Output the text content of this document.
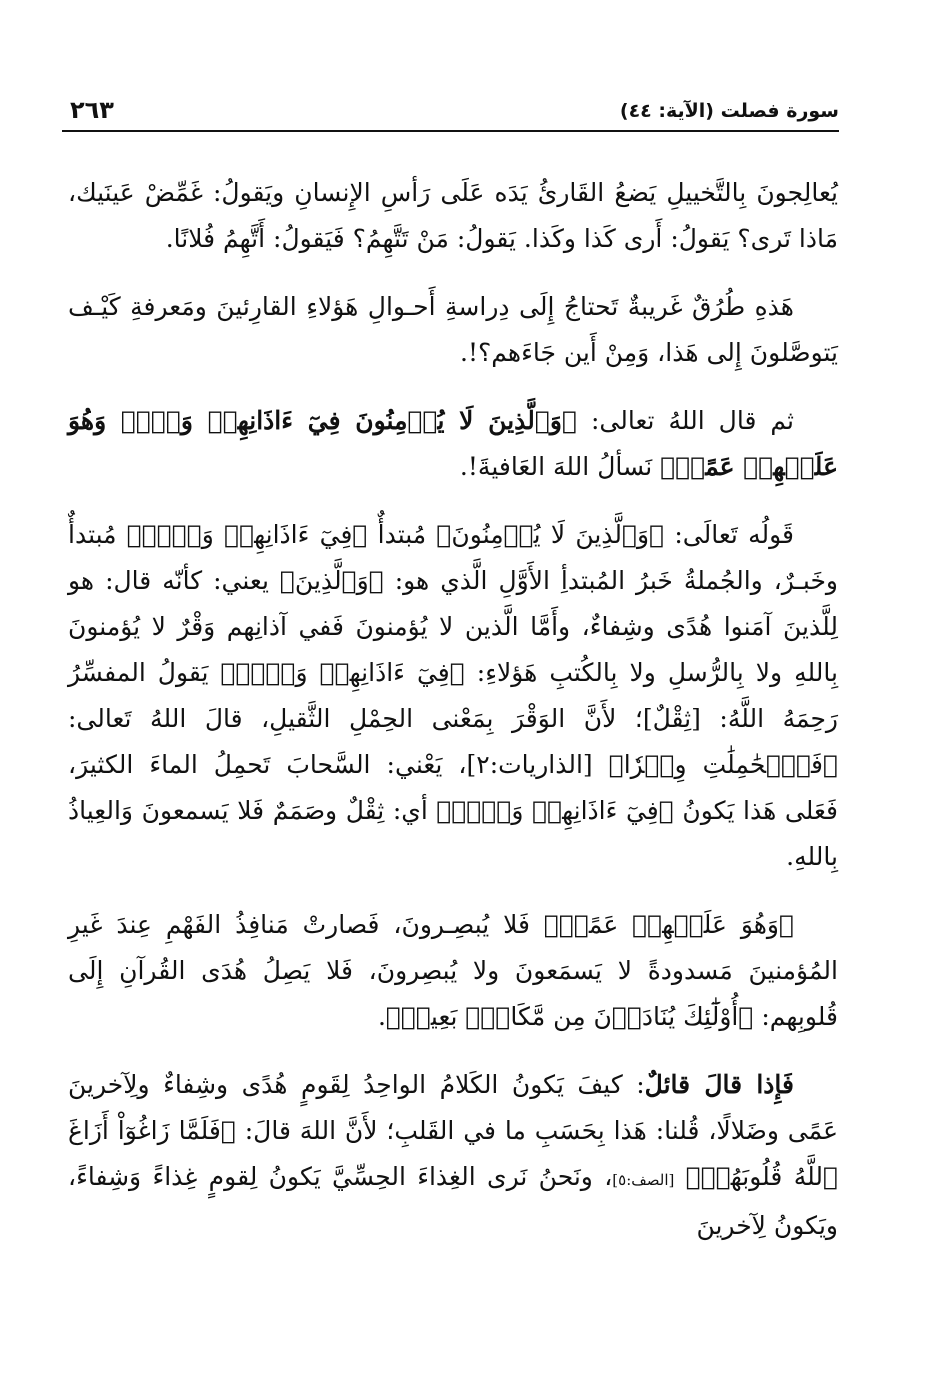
سورة فصلت (الآية: ٤٤)
٢٦٣

يُعالِجونَ بِالتَّخييلِ يَضعُ القَارئُ يَدَه عَلَى رَأسِ الإِنسانِ ويَقولُ: غَمِّضْ عَينَيك، مَاذا تَرى؟ يَقولُ: أَرى كَذا وكَذا. يَقولُ: مَنْ تَتَّهِمُ؟ فَيَقولُ: أَتَّهِمُ فُلانًا.

هَذهِ طُرُقٌ غَريبةٌ تَحتاجُ إِلَى دِراسةِ أَحـوالِ هَؤلاءِ القارِئينَ ومَعرفةِ كَيْـف يَتوصَّلونَ إِلى هَذا، وَمِنْ أَين جَاءَهم؟!.

ثم قال اللهُ تعالى: ﴿وَٱلَّذِينَ لَا يُؤۡمِنُونَ فِيٓ ءَاذَانِهِمۡ وَقۡرٞ وَهُوَ عَلَيۡهِمۡ عَمًىۚ﴾ نَسألُ اللهَ العَافيةَ!.

قَولُه تَعالَى: ﴿وَٱلَّذِينَ لَا يُؤۡمِنُونَ﴾ مُبتدأٌ ﴿فِيٓ ءَاذَانِهِمۡ وَقۡرٞ﴾ مُبتدأٌ وخَبـرٌ، والجُملةُ خَبرُ المُبتدأِ الأَوَّلِ الَّذي هو: ﴿وَٱلَّذِينَ﴾ يعني: كأنّه قال: هو لِلَّذينَ آمَنوا هُدًى وشِفاءٌ، وأَمَّا الَّذين لا يُؤمنونَ فَفي آذانِهم وَقْرٌ لا يُؤمنونَ بِاللهِ ولا بِالرُّسلِ ولا بِالكُتبِ هَؤلاءِ: ﴿فِيٓ ءَاذَانِهِمۡ وَقۡرٞ﴾ يَقولُ المفسِّرُ رَحِمَهُ اللَّهُ: [ثِقْلٌ]؛ لأَنَّ الوَقْرَ بِمَعْنى الحِمْلِ الثَّقيلِ، قالَ اللهُ تَعالى: ﴿فَٱلۡحَٰمِلَٰتِ وِقۡرٗا﴾ [الذاريات:٢]، يَعْني: السَّحابَ تَحمِلُ الماءَ الكثيرَ، فَعَلى هَذا يَكونُ ﴿فِيٓ ءَاذَانِهِمۡ وَقۡرٞ﴾ أي: ثِقْلٌ وصَمَمٌ فَلا يَسمعونَ وَالعِياذُ بِاللهِ.

﴿وَهُوَ عَلَيۡهِمۡ عَمًىۚ﴾ فَلا يُبصِـرونَ، فَصارتْ مَنافِذُ الفَهْمِ عِندَ غَيرِ المُؤمنينَ مَسدودةً لا يَسمَعونَ ولا يُبصِرونَ، فَلا يَصِلُ هُدَى القُرآنِ إِلَى قُلوبِهم: ﴿أُوْلَٰٓئِكَ يُنَادَوۡنَ مِن مَّكَانِۭ بَعِيدٖ﴾.

فَإِذا قالَ قائلٌ: كيفَ يَكونُ الكَلامُ الواحِدُ لِقَومٍ هُدًى وشِفاءٌ ولِآخرينَ عَمًى وضَلالًا، قُلنا: هَذا بِحَسَبِ ما في القَلبِ؛ لأَنَّ اللهَ قالَ: ﴿فَلَمَّا زَاغُوٓاْ أَزَاغَ ٱللَّهُ قُلُوبَهُمۡ﴾ [الصف:٥]، ونَحنُ نَرى الغِذاءَ الحِسِّيَّ يَكونُ لِقومٍ غِذاءً وَشِفاءً، ويَكونُ لِآخرينَ
